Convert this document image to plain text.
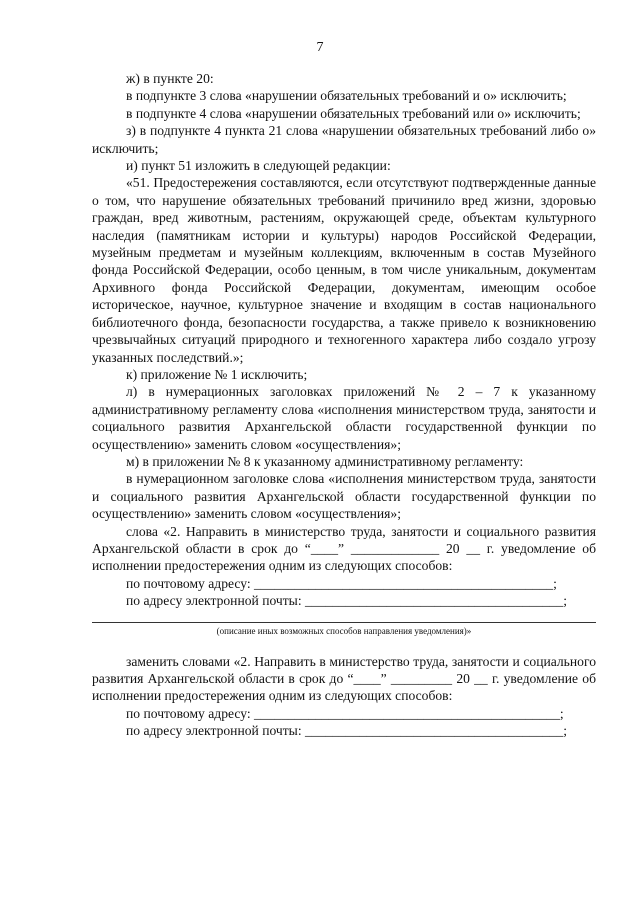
7

ж) в пункте 20:

в подпункте 3 слова «нарушении обязательных требований и о» исключить;

в подпункте 4 слова «нарушении обязательных требований или о» исключить;

з) в подпункте 4 пункта 21 слова «нарушении обязательных требований либо о» исключить;

и) пункт 51 изложить в следующей редакции:

«51. Предостережения составляются, если отсутствуют подтвержденные данные о том, что нарушение обязательных требований причинило вред жизни, здоровью граждан, вред животным, растениям, окружающей среде, объектам культурного наследия (памятникам истории и культуры) народов Российской Федерации, музейным предметам и музейным коллекциям, включенным в состав Музейного фонда Российской Федерации, особо ценным, в том числе уникальным, документам Архивного фонда Российской Федерации, документам, имеющим особое историческое, научное, культурное значение и входящим в состав национального библиотечного фонда, безопасности государства, а также привело к возникновению чрезвычайных ситуаций природного и техногенного характера либо создало угрозу указанных последствий.»;

к) приложение № 1 исключить;

л) в нумерационных заголовках приложений № 2 – 7 к указанному административному регламенту слова «исполнения министерством труда, занятости и социального развития Архангельской области государственной функции по осуществлению» заменить словом «осуществления»;

м) в приложении № 8 к указанному административному регламенту:

в нумерационном заголовке слова «исполнения министерством труда, занятости и социального развития Архангельской области государственной функции по осуществлению» заменить словом «осуществления»;

слова «2. Направить в министерство труда, занятости и социального развития Архангельской области в срок до “____” _____________ 20 __ г. уведомление об исполнении предостережения одним из следующих способов:

по почтовому адресу: ____________________________________________;

по адресу электронной почты: ______________________________________;

(описание иных возможных способов направления уведомления)»

заменить словами «2. Направить в министерство труда, занятости и социального развития Архангельской области в срок до “____” _________ 20 __ г. уведомление об исполнении предостережения одним из следующих способов:

по почтовому адресу: _____________________________________________;

по адресу электронной почты: ______________________________________;
